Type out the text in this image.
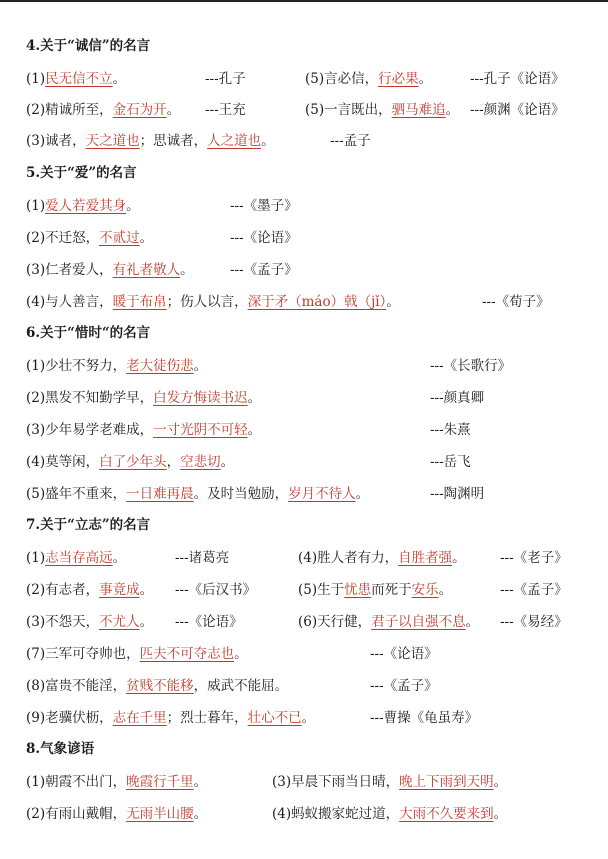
4.关于“诚信”的名言
(1)民无信不立。	---孔子	(5)言必信，行必果。	---孔子《论语》
(2)精诚所至，金石为开。 ---王充	(5)一言既出，驷马难追。 ---颜渊《论语》
(3)诚者，天之道也；思诚者，人之道也。	---孟子
5.关于“爱”的名言
(1)爱人若爱其身。	---《墨子》
(2)不迁怒，不贰过。	---《论语》
(3)仁者爱人，有礼者敬人。	---《孟子》
(4)与人善言，暖于布帛；伤人以言，深于矛（máo）戟（jǐ）。	---《荀子》
6.关于“惜时“的名言
(1)少壮不努力，老大徒伤悲。	---《长歌行》
(2)黑发不知勤学早，白发方悔读书迟。	---颜真卿
(3)少年易学老难成，一寸光阴不可轻。	---朱熹
(4)莫等闲，白了少年头，空悲切。	---岳飞
(5)盛年不重来，一日难再晨。及时当勉励，岁月不待人。	---陶渊明
7.关于“立志”的名言
(1)志当存高远。	---诸葛亮	(4)胜人者有力，自胜者强。	---《老子》
(2)有志者，事竟成。 ---《后汉书》	(5)生于忧患而死于安乐。	---《孟子》
(3)不怨天，不尤人。 ---《论语》	(6)天行健，君子以自强不息。 ---《易经》
(7)三军可夺帅也，匹夫不可夺志也。	---《论语》
(8)富贵不能淫，贫贱不能移，威武不能屈。	---《孟子》
(9)老骥伏枥，志在千里；烈士暮年，壮心不已。	---曹操《龟虽寿》
8.气象谚语
(1)朝霞不出门，晚霞行千里。	(3)早晨下雨当日晴，晚上下雨到天明。
(2)有雨山戴帽，无雨半山腰。	(4)蚂蚁搬家蛇过道，大雨不久要来到。
